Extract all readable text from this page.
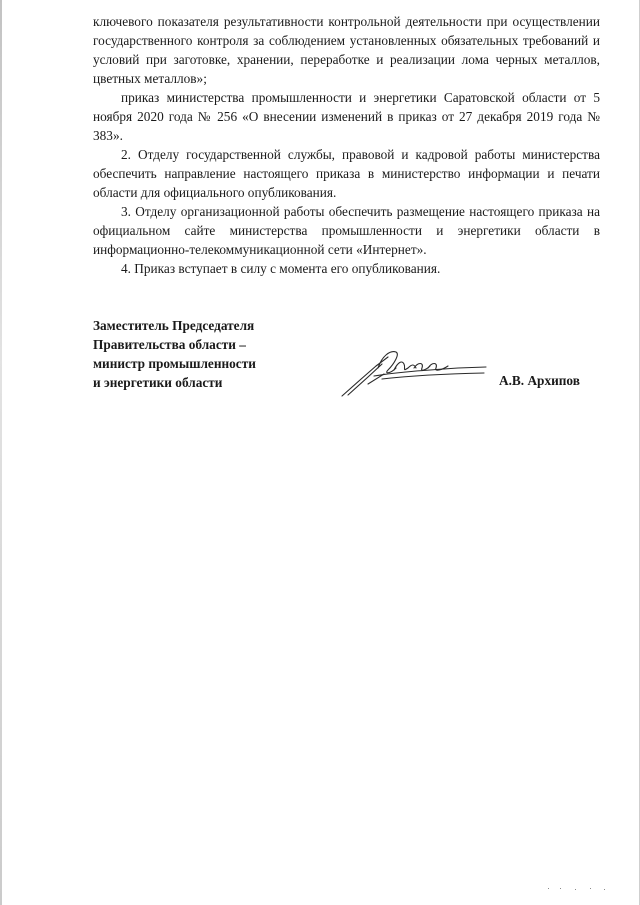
ключевого показателя результативности контрольной деятельности при осуществлении государственного контроля за соблюдением установленных обязательных требований и условий при заготовке, хранении, переработке и реализации лома черных металлов, цветных металлов»;

приказ министерства промышленности и энергетики Саратовской области от 5 ноября 2020 года № 256 «О внесении изменений в приказ от 27 декабря 2019 года № 383».

2. Отделу государственной службы, правовой и кадровой работы министерства обеспечить направление настоящего приказа в министерство информации и печати области для официального опубликования.

3. Отделу организационной работы обеспечить размещение настоящего приказа на официальном сайте министерства промышленности и энергетики области в информационно-телекоммуникационной сети «Интернет».

4. Приказ вступает в силу с момента его опубликования.

Заместитель Председателя
Правительства области –
министр промышленности
и энергетики области	А.В. Архипов
